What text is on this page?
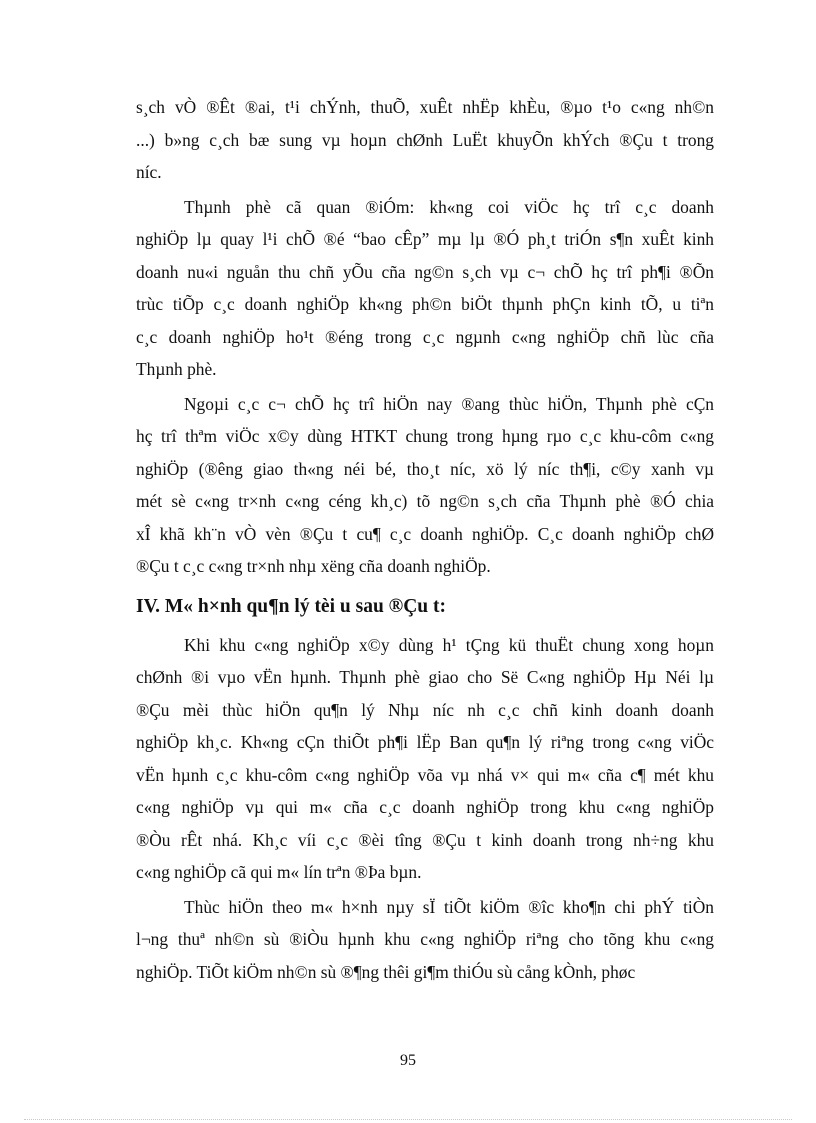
s¸ch vÒ ®Êt ®ai, t¹i chÝnh, thuÕ, xuÊt nhËp khÈu, ®µo t¹o c«ng nh©n
...) b»ng c¸ch bæ sung vµ hoµn chØnh LuËt khuyÕn khÝch ®Çu t trong
níc.

Thµnh phè cã quan ®iÓm: kh«ng coi viÖc hç trî c¸c doanh
nghiÖp lµ quay l¹i chÕ ®é “bao cÊp” mµ lµ ®Ó ph¸t triÓn s¶n xuÊt kinh
doanh nu«i nguån thu chñ yÕu cña ng©n s¸ch vµ c¬ chÕ hç trî ph¶i ®Õn
trùc tiÕp c¸c doanh nghiÖp kh«ng ph©n biÖt thµnh phÇn kinh tÕ, u tiªn
c¸c doanh nghiÖp ho¹t ®éng trong c¸c ngµnh c«ng nghiÖp chñ lùc cña
Thµnh phè.

Ngoµi c¸c c¬ chÕ hç trî hiÖn nay ®ang thùc hiÖn, Thµnh phè cÇn
hç trî thªm viÖc x©y dùng HTKT chung trong hµng rµo c¸c khu-côm c«ng
nghiÖp (®êng giao th«ng néi bé, tho¸t níc, xö lý níc th¶i, c©y xanh vµ
mét sè c«ng tr×nh c«ng céng kh¸c) tõ ng©n s¸ch cña Thµnh phè ®Ó chia
xÎ khã kh¨n vÒ vèn ®Çu t cu¶ c¸c doanh nghiÖp. C¸c doanh nghiÖp chØ
®Çu t c¸c c«ng tr×nh nhµ xëng cña doanh nghiÖp.

IV. M« h×nh qu¶n lý tèi u sau ®Çu t:

Khi khu c«ng nghiÖp x©y dùng h¹ tÇng kü thuËt chung xong hoµn
chØnh ®i vµo vËn hµnh. Thµnh phè giao cho Së C«ng nghiÖp Hµ Néi lµ
®Çu mèi thùc hiÖn qu¶n lý Nhµ níc nh c¸c chñ kinh doanh doanh
nghiÖp kh¸c. Kh«ng cÇn thiÕt ph¶i lËp Ban qu¶n lý riªng trong c«ng viÖc
vËn hµnh c¸c khu-côm c«ng nghiÖp võa vµ nhá v× qui m« cña c¶ mét khu
c«ng nghiÖp vµ qui m« cña c¸c doanh nghiÖp trong khu c«ng nghiÖp
®Òu rÊt nhá. Kh¸c víi c¸c ®èi tîng ®Çu t kinh doanh trong nh÷ng khu
c«ng nghiÖp cã qui m« lín trªn ®Þa bµn.

Thùc hiÖn theo m« h×nh nµy sÏ tiÕt kiÖm ®îc kho¶n chi phÝ tiÒn
l¬ng thuª nh©n sù ®iÒu hµnh khu c«ng nghiÖp riªng cho tõng khu c«ng
nghiÖp. TiÕt kiÖm nh©n sù ®¶ng thêi gi¶m thiÓu sù cång kÒnh, phøc

95
